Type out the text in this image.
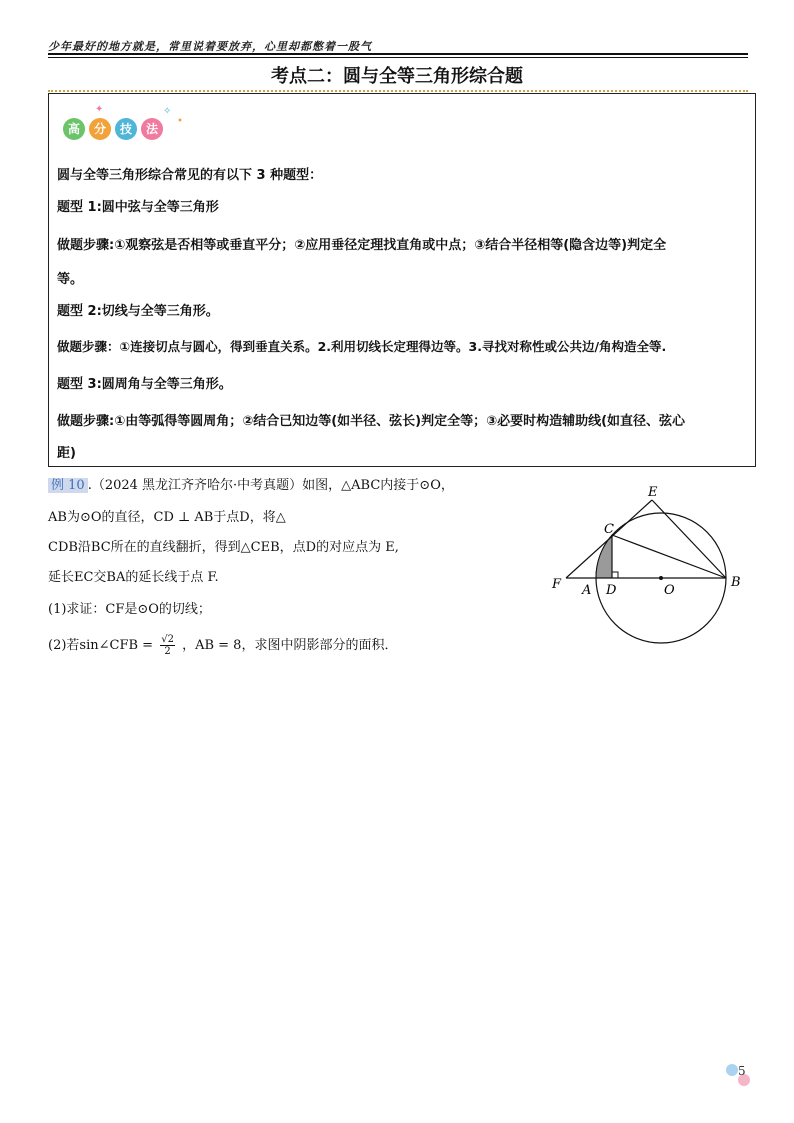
少年最好的地方就是，常里说着要放弃，心里却都憋着一股气
考点二：圆与全等三角形综合题
✦	✧
•
高	分	技	法
圆与全等三角形综合常见的有以下 3 种题型：
题型 1:圆中弦与全等三角形
做题步骤:①观察弦是否相等或垂直平分；②应用垂径定理找直角或中点；③结合半径相等(隐含边等)判定全
等。
题型 2:切线与全等三角形。
做题步骤：①连接切点与圆心，得到垂直关系。2.利用切线长定理得边等。3.寻找对称性或公共边/角构造全等.
题型 3:圆周角与全等三角形。
做题步骤:①由等弧得等圆周角；②结合已知边等(如半径、弦长)判定全等；③必要时构造辅助线(如直径、弦心
距)
例 10 .（2024 黑龙江齐齐哈尔·中考真题）如图，△ABC内接于⊙O，
AB为⊙O的直径，CD ⊥ AB于点D，将△
CDB沿BC所在的直线翻折，得到△CEB，点D的对应点为 E,
延长EC交BA的延长线于点 F.
(1)求证：CF是⊙O的切线；
(2)若sin∠CFB = $\frac{√2}{2}$ ，AB = 8，求图中阴影部分的面积．
E
C
F A D	O
B
5
